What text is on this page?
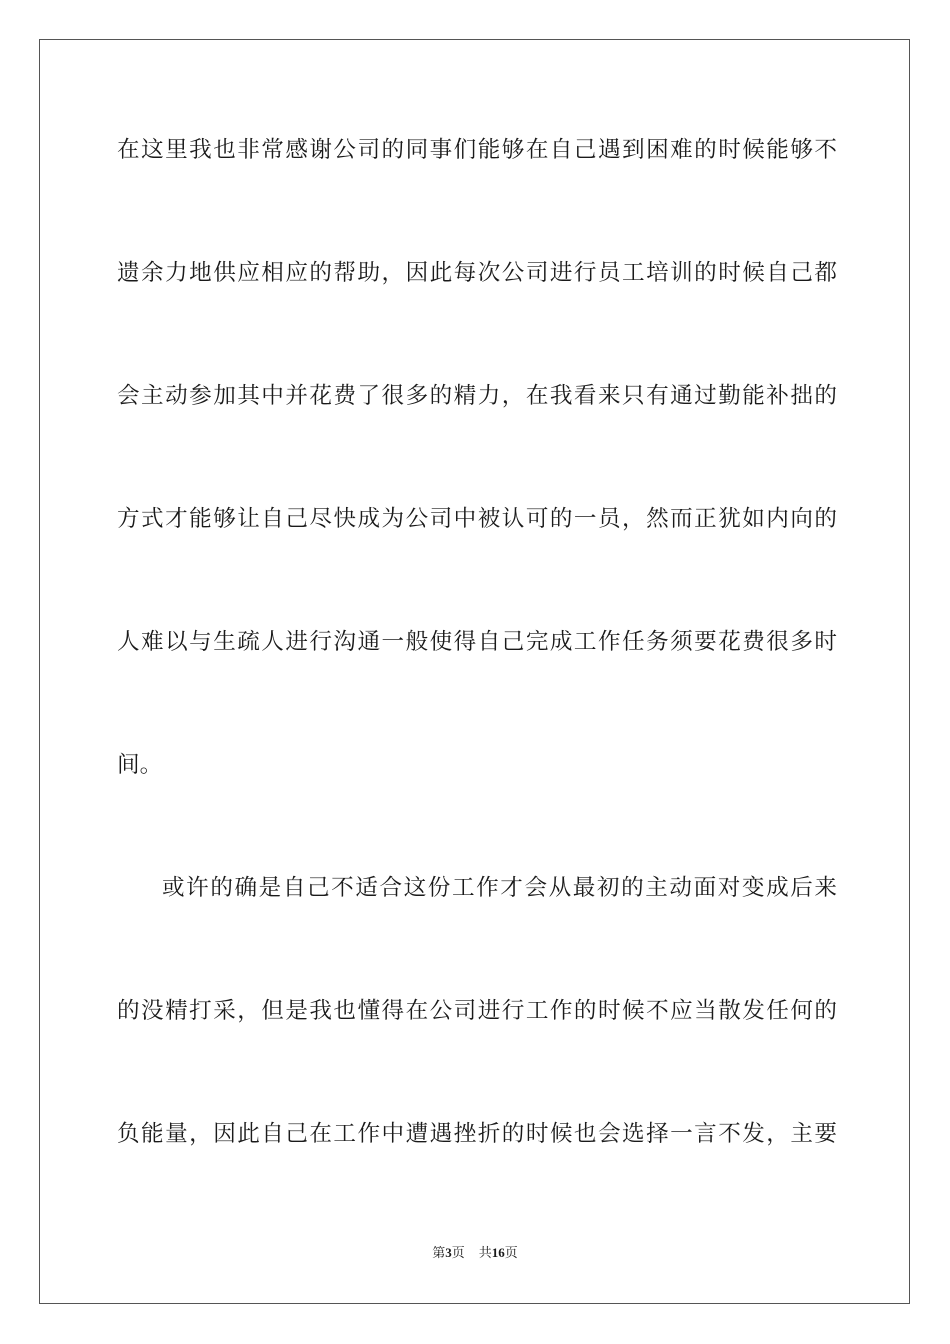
在这里我也非常感谢公司的同事们能够在自己遇到困难的时候能够不
遗余力地供应相应的帮助，因此每次公司进行员工培训的时候自己都
会主动参加其中并花费了很多的精力，在我看来只有通过勤能补拙的
方式才能够让自己尽快成为公司中被认可的一员，然而正犹如内向的
人难以与生疏人进行沟通一般使得自己完成工作任务须要花费很多时
间。
或许的确是自己不适合这份工作才会从最初的主动面对变成后来
的没精打采，但是我也懂得在公司进行工作的时候不应当散发任何的
负能量，因此自己在工作中遭遇挫折的时候也会选择一言不发，主要
第3页 共16页
